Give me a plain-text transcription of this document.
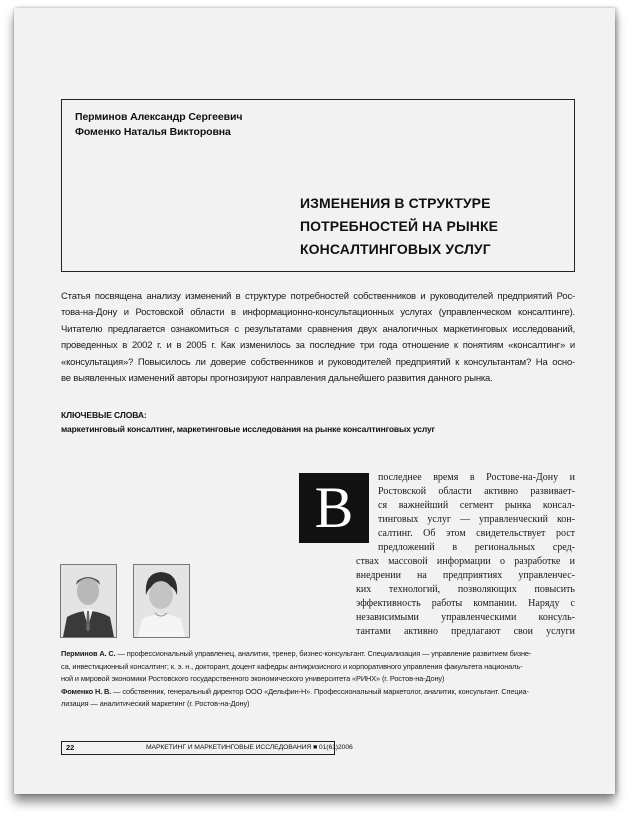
Перминов Александр Сергеевич
Фоменко Наталья Викторовна
ИЗМЕНЕНИЯ В СТРУКТУРЕ
ПОТРЕБНОСТЕЙ НА РЫНКЕ
КОНСАЛТИНГОВЫХ УСЛУГ
Статья посвящена анализу изменений в структуре потребностей собственников и руководителей предприятий Рос-
това-на-Дону и Ростовской области в информационно-консультационных услугах (управленческом консалтинге).
Читателю предлагается ознакомиться с результатами сравнения двух аналогичных маркетинговых исследований,
проведенных в 2002 г. и в 2005 г. Как изменилось за последние три года отношение к понятиям «консалтинг» и
«консультация»? Повысилось ли доверие собственников и руководителей предприятий к консультантам? На осно-
ве выявленных изменений авторы прогнозируют направления дальнейшего развития данного рынка.
КЛЮЧЕВЫЕ СЛОВА:
маркетинговый консалтинг, маркетинговые исследования на рынке консалтинговых услуг
В	последнее время в Ростове-на-Дону и
Ростовской области активно развивает-
ся важнейший сегмент рынка консал-
тинговых услуг — управленческий кон-
салтинг. Об этом свидетельствует рост
предложений в региональных сред-
ствах массовой информации о разработке и
внедрении на предприятиях управленчес-
ких технологий, позволяющих повысить
эффективность работы компании. Наряду с
независимыми управленческими консуль-
тантами активно предлагают свои услуги
Перминов А. С. — профессиональный управленец, аналитик, тренер, бизнес-консультант. Специализация — управление развитием бизне-
са, инвестиционный консалтинг; к. э. н., докторант, доцент кафедры антикризисного и корпоративного управления факультета националь-
ной и мировой экономики Ростовского государственного экономического университета «РИНХ» (г. Ростов-на-Дону)
Фоменко Н. В. — собственник, генеральный директор ООО «Дельфин-Н». Профессиональный маркетолог, аналитик, консультант. Специа-
лизация — аналитический маркетинг (г. Ростов-на-Дону)
22	МАРКЕТИНГ И МАРКЕТИНГОВЫЕ ИССЛЕДОВАНИЯ ■ 01(61)2006
